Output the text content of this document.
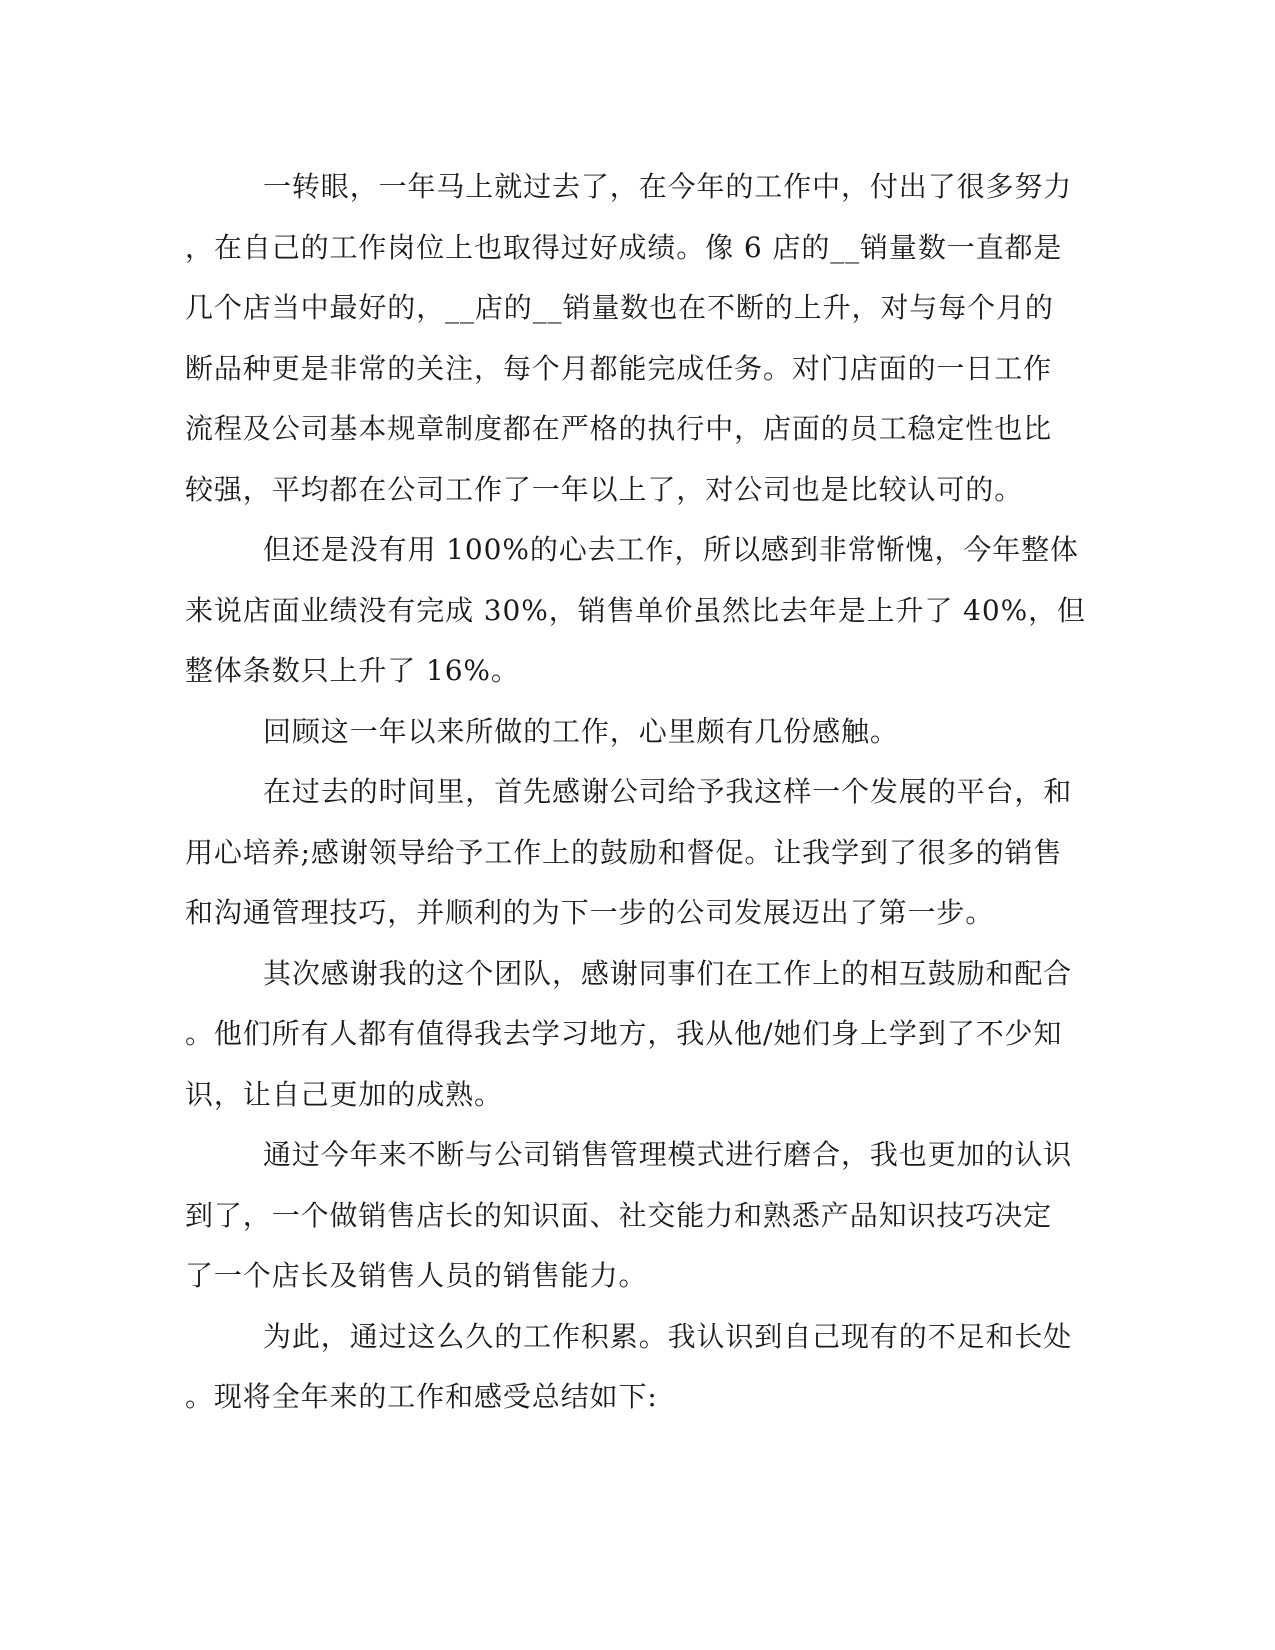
一转眼，一年马上就过去了，在今年的工作中，付出了很多努力
，在自己的工作岗位上也取得过好成绩。像 6 店的__销量数一直都是
几个店当中最好的，__店的__销量数也在不断的上升，对与每个月的
断品种更是非常的关注，每个月都能完成任务。对门店面的一日工作
流程及公司基本规章制度都在严格的执行中，店面的员工稳定性也比
较强，平均都在公司工作了一年以上了，对公司也是比较认可的。
但还是没有用 100%的心去工作，所以感到非常惭愧，今年整体
来说店面业绩没有完成 30%，销售单价虽然比去年是上升了 40%，但
整体条数只上升了 16%。
回顾这一年以来所做的工作，心里颇有几份感触。
在过去的时间里，首先感谢公司给予我这样一个发展的平台，和
用心培养;感谢领导给予工作上的鼓励和督促。让我学到了很多的销售
和沟通管理技巧，并顺利的为下一步的公司发展迈出了第一步。
其次感谢我的这个团队，感谢同事们在工作上的相互鼓励和配合
。他们所有人都有值得我去学习地方，我从他/她们身上学到了不少知
识，让自己更加的成熟。
通过今年来不断与公司销售管理模式进行磨合，我也更加的认识
到了，一个做销售店长的知识面、社交能力和熟悉产品知识技巧决定
了一个店长及销售人员的销售能力。
为此，通过这么久的工作积累。我认识到自己现有的不足和长处
。现将全年来的工作和感受总结如下:
